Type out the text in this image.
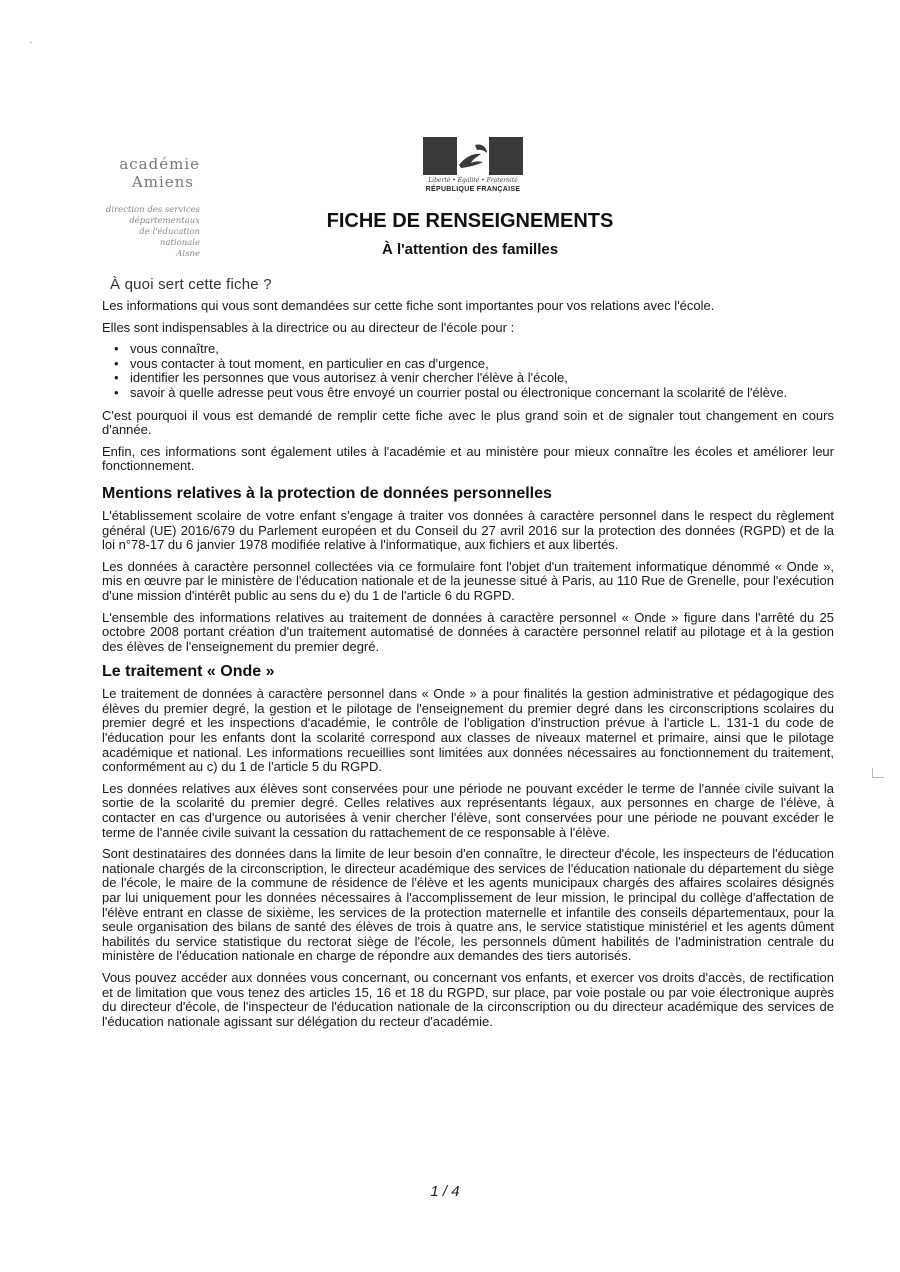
académie
Amiens
direction des services
départementaux
de l'éducation nationale
Aisne
Liberté • Égalité • Fraternité
RÉPUBLIQUE FRANÇAISE
FICHE DE RENSEIGNEMENTS
À l'attention des familles
À quoi sert cette fiche ?

Les informations qui vous sont demandées sur cette fiche sont importantes pour vos relations avec l'école.

Elles sont indispensables à la directrice ou au directeur de l'école pour :

• vous connaître,
• vous contacter à tout moment, en particulier en cas d'urgence,
• identifier les personnes que vous autorisez à venir chercher l'élève à l'école,
• savoir à quelle adresse peut vous être envoyé un courrier postal ou électronique concernant la scolarité de l'élève.

C'est pourquoi il vous est demandé de remplir cette fiche avec le plus grand soin et de signaler tout changement en cours d'année.

Enfin, ces informations sont également utiles à l'académie et au ministère pour mieux connaître les écoles et améliorer leur fonctionnement.

Mentions relatives à la protection de données personnelles

L'établissement scolaire de votre enfant s'engage à traiter vos données à caractère personnel dans le respect du règlement général (UE) 2016/679 du Parlement européen et du Conseil du 27 avril 2016 sur la protection des données (RGPD) et de la loi n°78-17 du 6 janvier 1978 modifiée relative à l'informatique, aux fichiers et aux libertés.

Les données à caractère personnel collectées via ce formulaire font l'objet d'un traitement informatique dénommé « Onde », mis en œuvre par le ministère de l'éducation nationale et de la jeunesse situé à Paris, au 110 Rue de Grenelle, pour l'exécution d'une mission d'intérêt public au sens du e) du 1 de l'article 6 du RGPD.

L'ensemble des informations relatives au traitement de données à caractère personnel « Onde » figure dans l'arrêté du 25 octobre 2008 portant création d'un traitement automatisé de données à caractère personnel relatif au pilotage et à la gestion des élèves de l'enseignement du premier degré.

Le traitement « Onde »

Le traitement de données à caractère personnel dans « Onde » a pour finalités la gestion administrative et pédagogique des élèves du premier degré, la gestion et le pilotage de l'enseignement du premier degré dans les circonscriptions scolaires du premier degré et les inspections d'académie, le contrôle de l'obligation d'instruction prévue à l'article L. 131-1 du code de l'éducation pour les enfants dont la scolarité correspond aux classes de niveaux maternel et primaire, ainsi que le pilotage académique et national. Les informations recueillies sont limitées aux données nécessaires au fonctionnement du traitement, conformément au c) du 1 de l'article 5 du RGPD.

Les données relatives aux élèves sont conservées pour une période ne pouvant excéder le terme de l'année civile suivant la sortie de la scolarité du premier degré. Celles relatives aux représentants légaux, aux personnes en charge de l'élève, à contacter en cas d'urgence ou autorisées à venir chercher l'élève, sont conservées pour une période ne pouvant excéder le terme de l'année civile suivant la cessation du rattachement de ce responsable à l'élève.

Sont destinataires des données dans la limite de leur besoin d'en connaître, le directeur d'école, les inspecteurs de l'éducation nationale chargés de la circonscription, le directeur académique des services de l'éducation nationale du département du siège de l'école, le maire de la commune de résidence de l'élève et les agents municipaux chargés des affaires scolaires désignés par lui uniquement pour les données nécessaires à l'accomplissement de leur mission, le principal du collège d'affectation de l'élève entrant en classe de sixième, les services de la protection maternelle et infantile des conseils départementaux, pour la seule organisation des bilans de santé des élèves de trois à quatre ans, le service statistique ministériel et les agents dûment habilités du service statistique du rectorat siège de l'école, les personnels dûment habilités de l'administration centrale du ministère de l'éducation nationale en charge de répondre aux demandes des tiers autorisés.

Vous pouvez accéder aux données vous concernant, ou concernant vos enfants, et exercer vos droits d'accès, de rectification et de limitation que vous tenez des articles 15, 16 et 18 du RGPD, sur place, par voie postale ou par voie électronique auprès du directeur d'école, de l'inspecteur de l'éducation nationale de la circonscription ou du directeur académique des services de l'éducation nationale agissant sur délégation du recteur d'académie.

1 / 4
